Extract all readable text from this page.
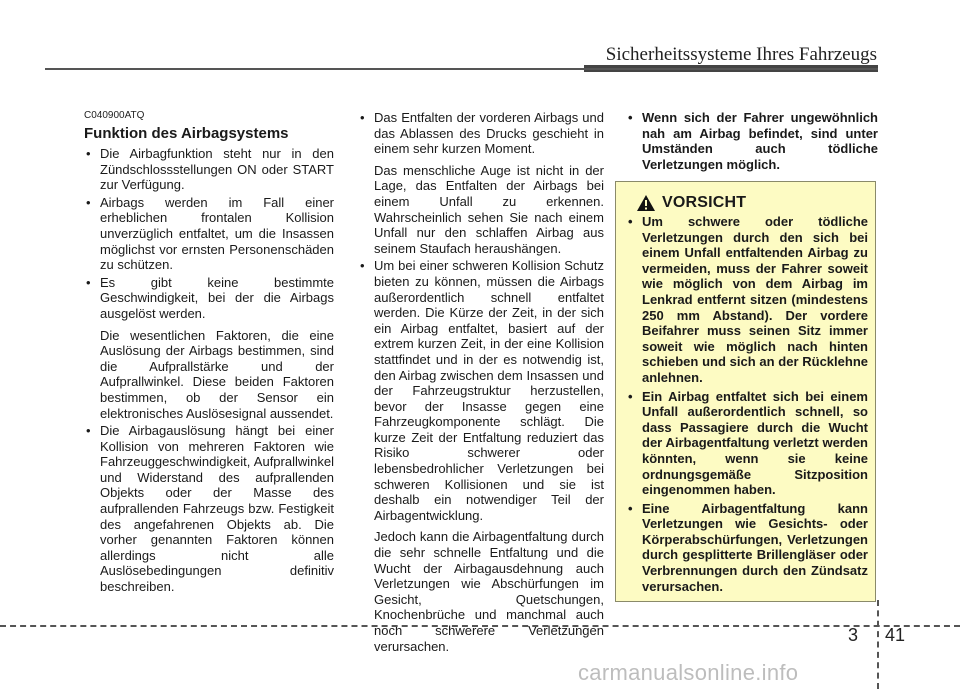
Sicherheitssysteme Ihres Fahrzeugs
C040900ATQ
Funktion des Airbagsystems
• Die Airbagfunktion steht nur in den Zündschlossstellungen ON oder START zur Verfügung.
• Airbags werden im Fall einer erheblichen frontalen Kollision unverzüglich entfaltet, um die Insassen möglichst vor ernsten Personenschäden zu schützen.
• Es gibt keine bestimmte Geschwindigkeit, bei der die Airbags ausgelöst werden.
Die wesentlichen Faktoren, die eine Auslösung der Airbags bestimmen, sind die Aufprallstärke und der Aufprallwinkel. Diese beiden Faktoren bestimmen, ob der Sensor ein elektronisches Auslösesignal aussendet.
• Die Airbagauslösung hängt bei einer Kollision von mehreren Faktoren wie Fahrzeuggeschwindigkeit, Aufprallwinkel und Widerstand des aufprallenden Objekts oder der Masse des aufprallenden Fahrzeugs bzw. Festigkeit des angefahrenen Objekts ab. Die vorher genannten Faktoren können allerdings nicht alle Auslösebedingungen definitiv beschreiben.
• Das Entfalten der vorderen Airbags und das Ablassen des Drucks geschieht in einem sehr kurzen Moment.
Das menschliche Auge ist nicht in der Lage, das Entfalten der Airbags bei einem Unfall zu erkennen. Wahrscheinlich sehen Sie nach einem Unfall nur den schlaffen Airbag aus seinem Staufach heraushängen.
• Um bei einer schweren Kollision Schutz bieten zu können, müssen die Airbags außerordentlich schnell entfaltet werden. Die Kürze der Zeit, in der sich ein Airbag entfaltet, basiert auf der extrem kurzen Zeit, in der eine Kollision stattfindet und in der es notwendig ist, den Airbag zwischen dem Insassen und der Fahrzeugstruktur herzustellen, bevor der Insasse gegen eine Fahrzeugkomponente schlägt. Die kurze Zeit der Entfaltung reduziert das Risiko schwerer oder lebensbedrohlicher Verletzungen bei schweren Kollisionen und sie ist deshalb ein notwendiger Teil der Airbagentwicklung.
Jedoch kann die Airbagentfaltung durch die sehr schnelle Entfaltung und die Wucht der Airbagausdehnung auch Verletzungen wie Abschürfungen im Gesicht, Quetschungen, Knochenbrüche und manchmal auch noch schwerere Verletzungen verursachen.
• Wenn sich der Fahrer ungewöhnlich nah am Airbag befindet, sind unter Umständen auch tödliche Verletzungen möglich.
VORSICHT
• Um schwere oder tödliche Verletzungen durch den sich bei einem Unfall entfaltenden Airbag zu vermeiden, muss der Fahrer soweit wie möglich von dem Airbag im Lenkrad entfernt sitzen (mindestens 250 mm Abstand). Der vordere Beifahrer muss seinen Sitz immer soweit wie möglich nach hinten schieben und sich an der Rücklehne anlehnen.
• Ein Airbag entfaltet sich bei einem Unfall außerordentlich schnell, so dass Passagiere durch die Wucht der Airbagentfaltung verletzt werden könnten, wenn sie keine ordnungsgemäße Sitzposition eingenommen haben.
• Eine Airbagentfaltung kann Verletzungen wie Gesichts- oder Körperabschürfungen, Verletzungen durch gesplitterte Brillengläser oder Verbrennungen durch den Zündsatz verursachen.
3 41
carmanualsonline.info
